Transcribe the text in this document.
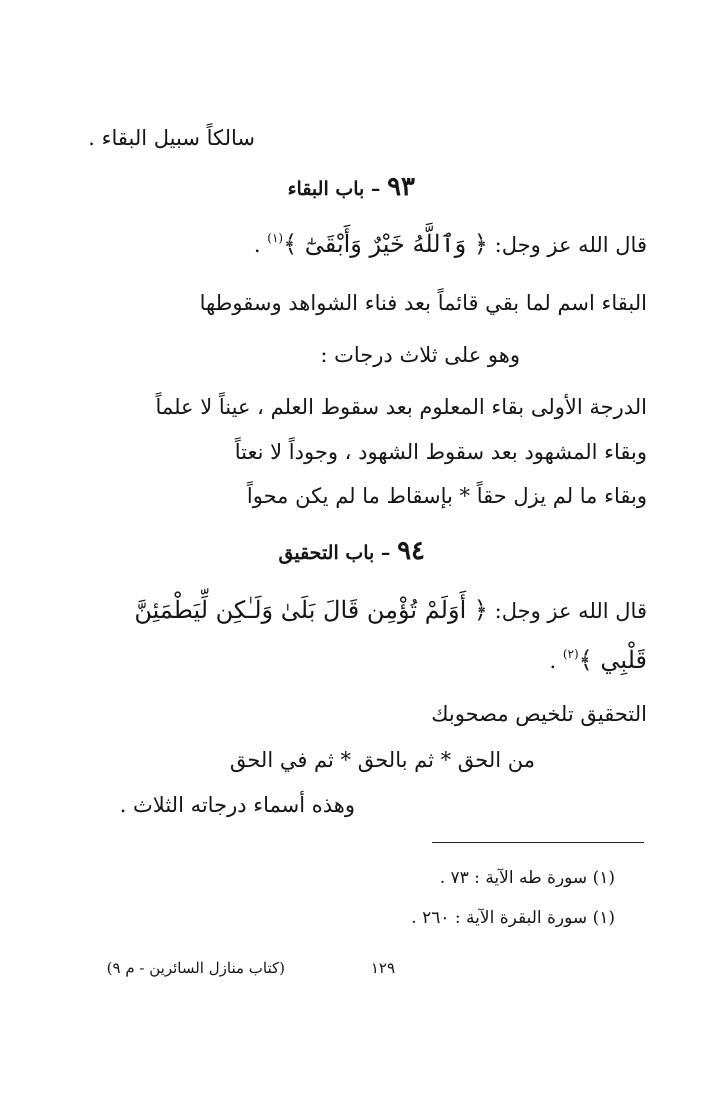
سالكاً سبيل البقاء .
٩٣ – باب البقاء
قال الله عز وجل: ﴿ وَٱللَّهُ خَيْرٌ وَأَبْقَىٰٓ ﴾$^{(١)}$ .
البقاء اسم لما بقي قائماً بعد فناء الشواهد وسقوطها
وهو على ثلاث درجات :
الدرجة الأولى بقاء المعلوم بعد سقوط العلم ، عيناً لا علماً
وبقاء المشهود بعد سقوط الشهود ، وجوداً لا نعتاً
وبقاء ما لم يزل حقاً * بإسقاط ما لم يكن محواً
٩٤ – باب التحقيق
قال الله عز وجل: ﴿ أَوَلَمْ تُؤْمِن قَالَ بَلَىٰ وَلَـٰكِن لِّيَطْمَئِنَّ
قَلْبِي ﴾$^{(٢)}$ .
التحقيق تلخيص مصحوبك
من الحق * ثم بالحق * ثم في الحق
وهذه أسماء درجاته الثلاث .
(١) سورة طه الآية : ٧٣ .
(١) سورة البقرة الآية : ٢٦٠ .
١٢٩
(كتاب منازل السائرين - م ٩)
